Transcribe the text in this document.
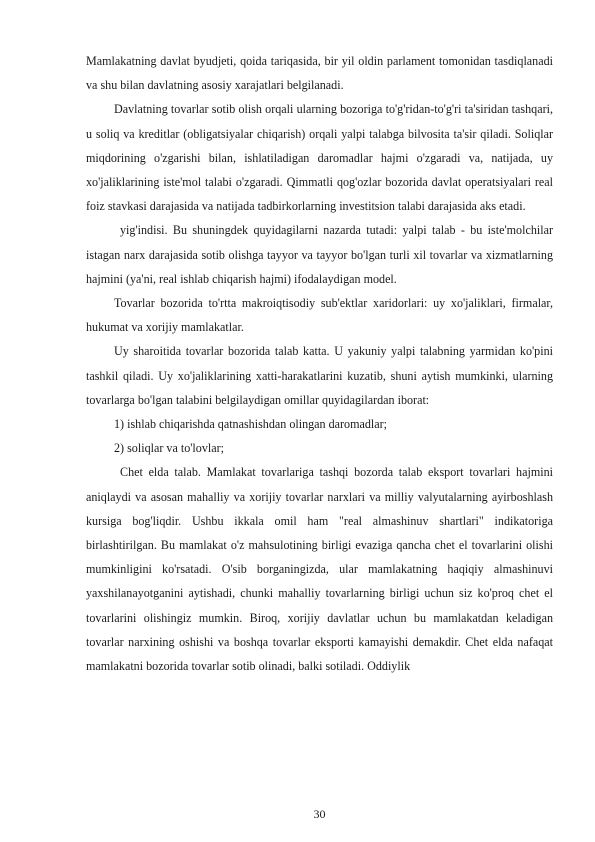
Mamlakatning davlat byudjeti, qoida tariqasida, bir yil oldin parlament tomonidan tasdiqlanadi va shu bilan davlatning asosiy xarajatlari belgilanadi.

Davlatning tovarlar sotib olish orqali ularning bozoriga to'g'ridan-to'g'ri ta'siridan tashqari, u soliq va kreditlar (obligatsiyalar chiqarish) orqali yalpi talabga bilvosita ta'sir qiladi. Soliqlar miqdorining o'zgarishi bilan, ishlatiladigan daromadlar hajmi o'zgaradi va, natijada, uy xo'jaliklarining iste'mol talabi o'zgaradi. Qimmatli qog'ozlar bozorida davlat operatsiyalari real foiz stavkasi darajasida va natijada tadbirkorlarning investitsion talabi darajasida aks etadi.

yig'indisi. Bu shuningdek quyidagilarni nazarda tutadi: yalpi talab - bu iste'molchilar istagan narx darajasida sotib olishga tayyor va tayyor bo'lgan turli xil tovarlar va xizmatlarning hajmini (ya'ni, real ishlab chiqarish hajmi) ifodalaydigan model.

Tovarlar bozorida to'rtta makroiqtisodiy sub'ektlar xaridorlari: uy xo'jaliklari, firmalar, hukumat va xorijiy mamlakatlar.

Uy sharoitida tovarlar bozorida talab katta. U yakuniy yalpi talabning yarmidan ko'pini tashkil qiladi. Uy xo'jaliklarining xatti-harakatlarini kuzatib, shuni aytish mumkinki, ularning tovarlarga bo'lgan talabini belgilaydigan omillar quyidagilardan iborat:

1) ishlab chiqarishda qatnashishdan olingan daromadlar;

2) soliqlar va to'lovlar;

Chet elda talab. Mamlakat tovarlariga tashqi bozorda talab eksport tovarlari hajmini aniqlaydi va asosan mahalliy va xorijiy tovarlar narxlari va milliy valyutalarning ayirboshlash kursiga bog'liqdir. Ushbu ikkala omil ham "real almashinuv shartlari" indikatoriga birlashtirilgan. Bu mamlakat o'z mahsulotining birligi evaziga qancha chet el tovarlarini olishi mumkinligini ko'rsatadi. O'sib borganingizda, ular mamlakatning haqiqiy almashinuvi yaxshilanayotganini aytishadi, chunki mahalliy tovarlarning birligi uchun siz ko'proq chet el tovarlarini olishingiz mumkin. Biroq, xorijiy davlatlar uchun bu mamlakatdan keladigan tovarlar narxining oshishi va boshqa tovarlar eksporti kamayishi demakdir. Chet elda nafaqat mamlakatni bozorida tovarlar sotib olinadi, balki sotiladi. Oddiylik

30
